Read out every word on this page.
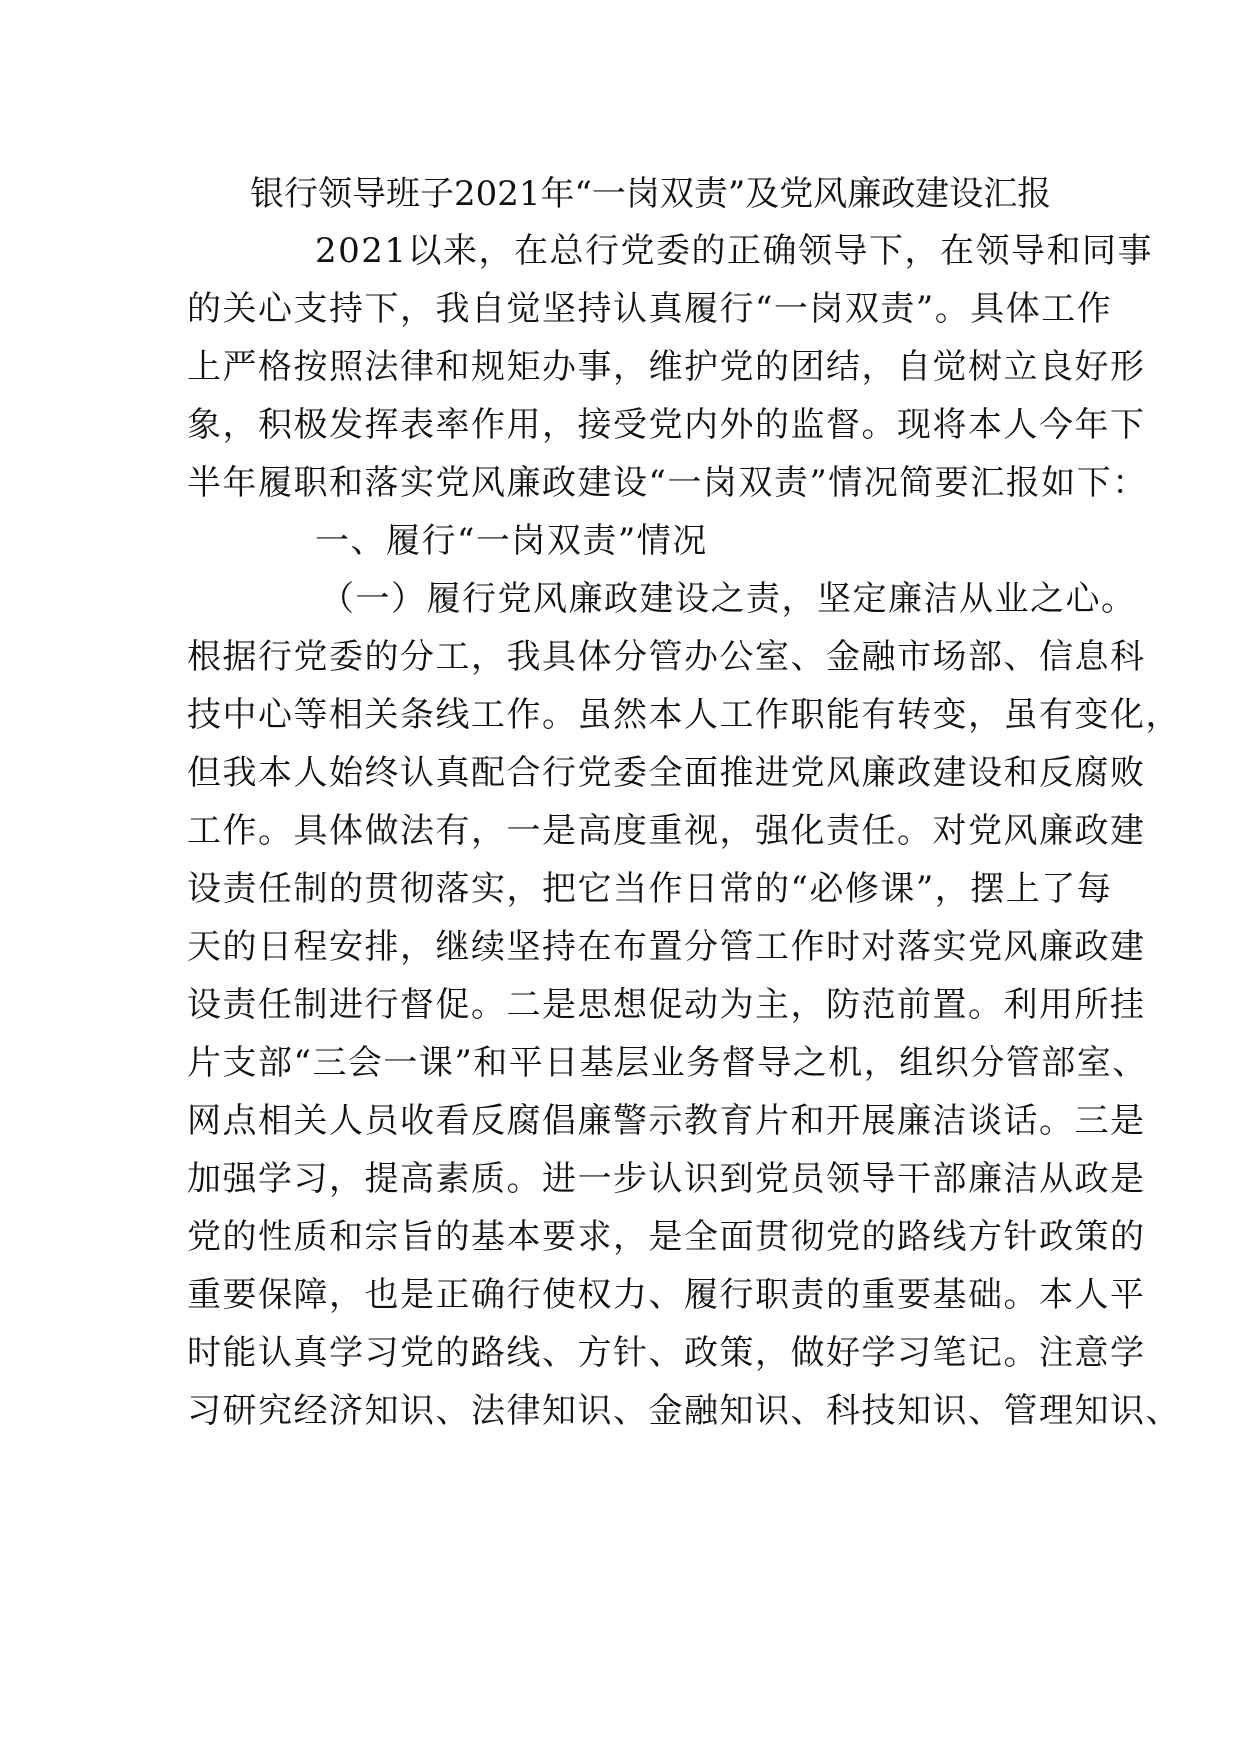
银行领导班子2021年“一岗双责”及党风廉政建设汇报
2021以来，在总行党委的正确领导下，在领导和同事
的关心支持下，我自觉坚持认真履行“一岗双责”。具体工作
上严格按照法律和规矩办事，维护党的团结，自觉树立良好形
象，积极发挥表率作用，接受党内外的监督。现将本人今年下
半年履职和落实党风廉政建设“一岗双责”情况简要汇报如下：
一、履行“一岗双责”情况
（一）履行党风廉政建设之责，坚定廉洁从业之心。
根据行党委的分工，我具体分管办公室、金融市场部、信息科
技中心等相关条线工作。虽然本人工作职能有转变，虽有变化，
但我本人始终认真配合行党委全面推进党风廉政建设和反腐败
工作。具体做法有，一是高度重视，强化责任。对党风廉政建
设责任制的贯彻落实，把它当作日常的“必修课”，摆上了每
天的日程安排，继续坚持在布置分管工作时对落实党风廉政建
设责任制进行督促。二是思想促动为主，防范前置。利用所挂
片支部“三会一课”和平日基层业务督导之机，组织分管部室、
网点相关人员收看反腐倡廉警示教育片和开展廉洁谈话。三是
加强学习，提高素质。进一步认识到党员领导干部廉洁从政是
党的性质和宗旨的基本要求，是全面贯彻党的路线方针政策的
重要保障，也是正确行使权力、履行职责的重要基础。本人平
时能认真学习党的路线、方针、政策，做好学习笔记。注意学
习研究经济知识、法律知识、金融知识、科技知识、管理知识、
